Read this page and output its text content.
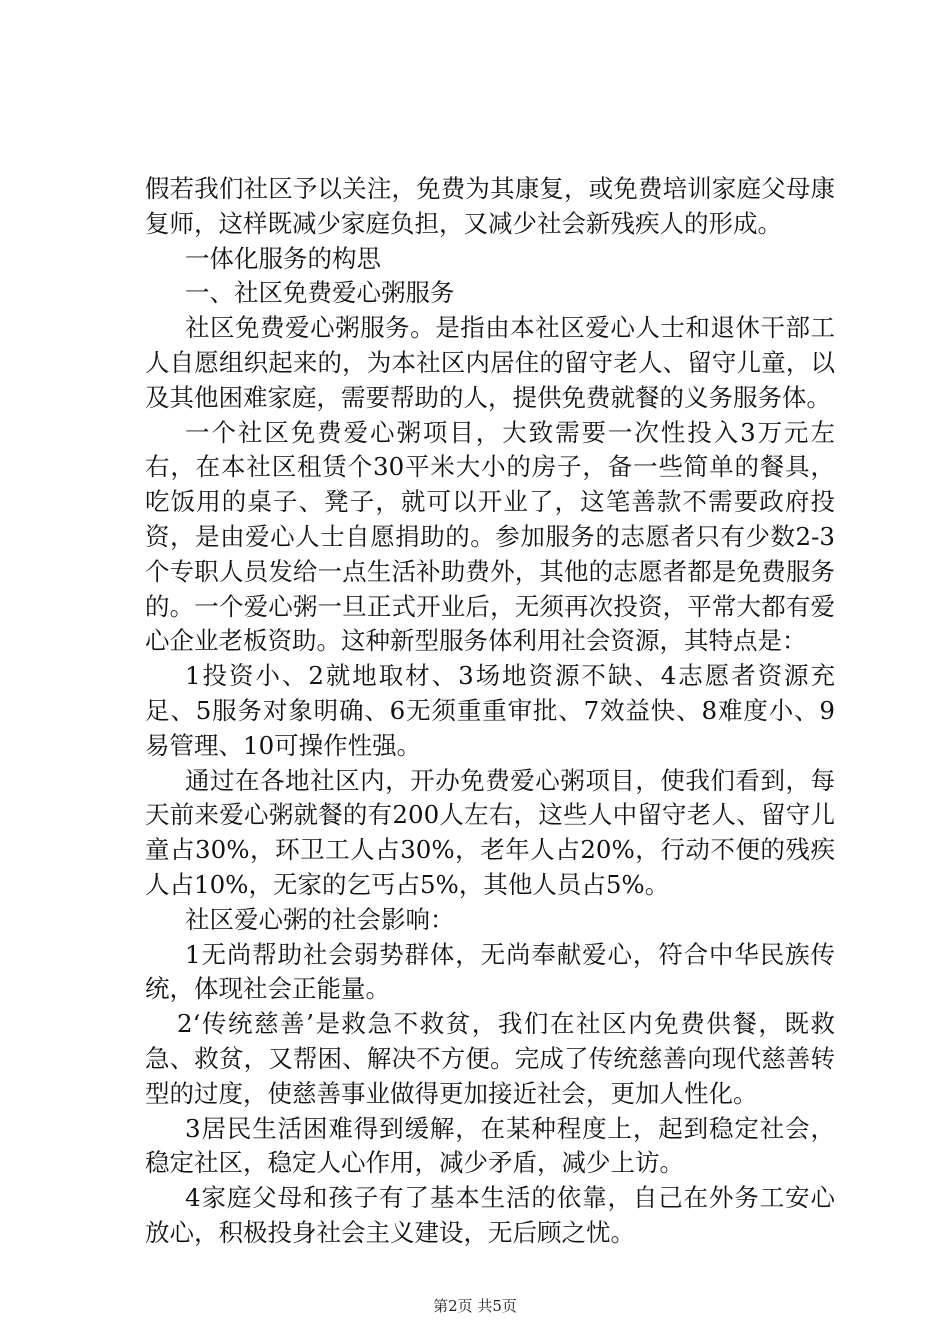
假若我们社区予以关注，免费为其康复，或免费培训家庭父母康复师，这样既减少家庭负担，又减少社会新残疾人的形成。

一体化服务的构思

一、社区免费爱心粥服务

社区免费爱心粥服务。是指由本社区爱心人士和退休干部工人自愿组织起来的，为本社区内居住的留守老人、留守儿童，以及其他困难家庭，需要帮助的人，提供免费就餐的义务服务体。

一个社区免费爱心粥项目，大致需要一次性投入3万元左右，在本社区租赁个30平米大小的房子，备一些简单的餐具，吃饭用的桌子、凳子，就可以开业了，这笔善款不需要政府投资，是由爱心人士自愿捐助的。参加服务的志愿者只有少数2-3个专职人员发给一点生活补助费外，其他的志愿者都是免费服务的。一个爱心粥一旦正式开业后，无须再次投资，平常大都有爱心企业老板资助。这种新型服务体利用社会资源，其特点是：

1投资小、2就地取材、3场地资源不缺、4志愿者资源充足、5服务对象明确、6无须重重审批、7效益快、8难度小、9易管理、10可操作性强。

通过在各地社区内，开办免费爱心粥项目，使我们看到，每天前来爱心粥就餐的有200人左右，这些人中留守老人、留守儿童占30%，环卫工人占30%，老年人占20%，行动不便的残疾人占10%，无家的乞丐占5%，其他人员占5%。

社区爱心粥的社会影响：

1无尚帮助社会弱势群体，无尚奉献爱心，符合中华民族传统，体现社会正能量。

2‘传统慈善’是救急不救贫，我们在社区内免费供餐，既救急、救贫，又帮困、解决不方便。完成了传统慈善向现代慈善转型的过度，使慈善事业做得更加接近社会，更加人性化。

3居民生活困难得到缓解，在某种程度上，起到稳定社会，稳定社区，稳定人心作用，减少矛盾，减少上访。

4家庭父母和孩子有了基本生活的依靠，自己在外务工安心放心，积极投身社会主义建设，无后顾之忧。

第2页 共5页
